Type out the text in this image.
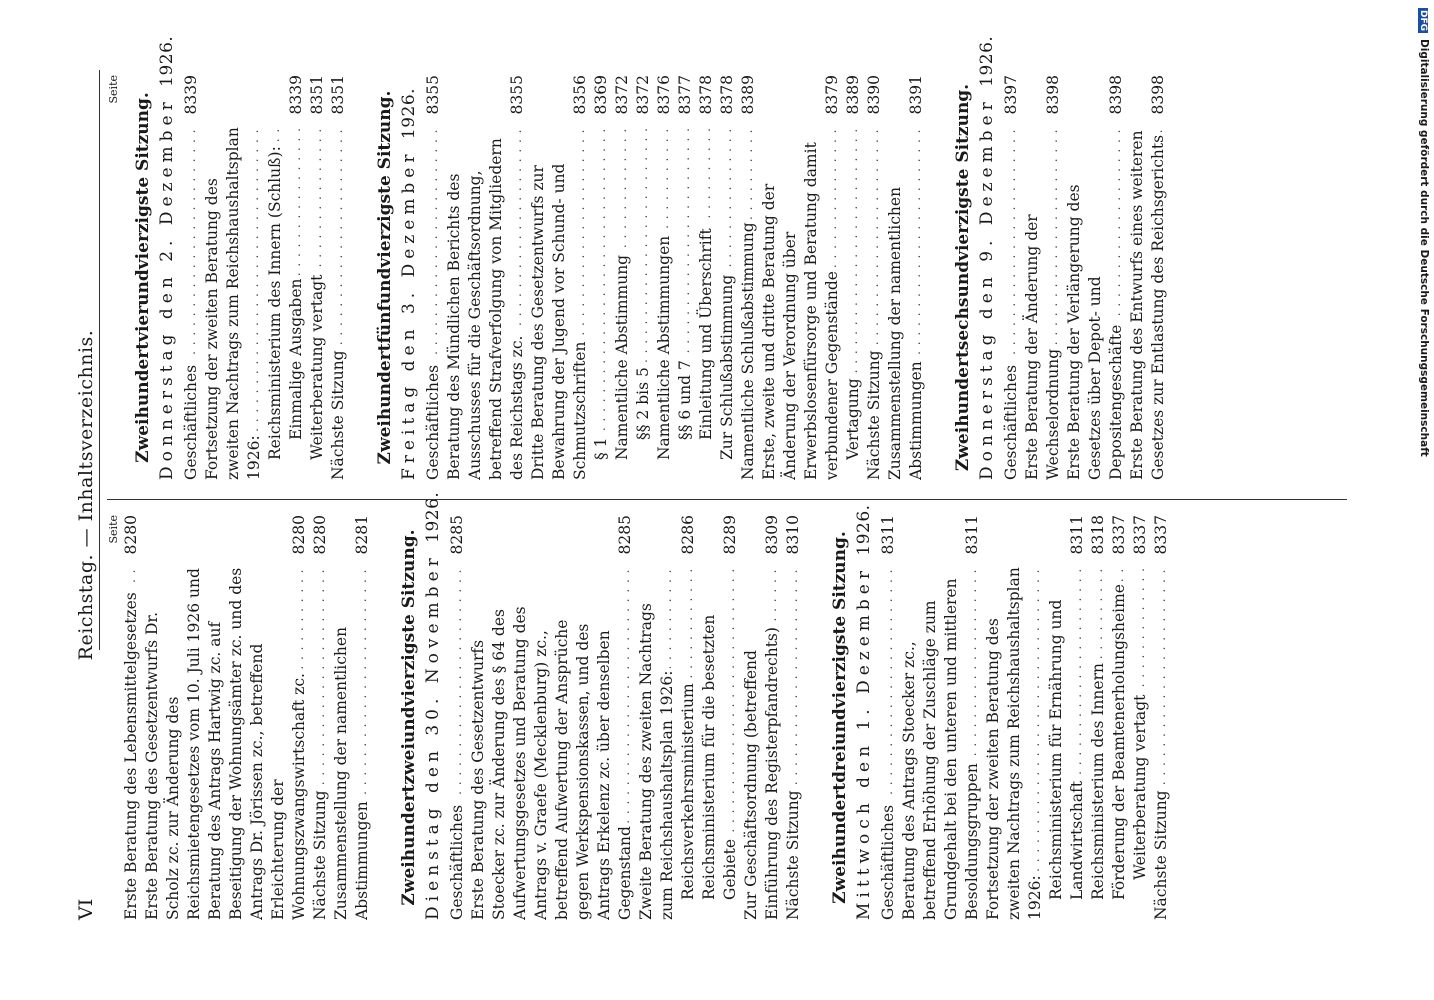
VI
Reichstag. — Inhaltsverzeichnis. Seite
Erste Beratung des Lebensmittelgesetzes . . .
8280
Erste Beratung des Gesetzentwurfs Dr. Scholz zc. zur Änderung des Reichsmietengesetzes vom 10. Juli 1926 und Beratung des Antrags Hartwig zc. auf Beseitigung der Wohnungsämter zc. und des Antrags Dr. Jörissen zc., betreffend Erleichterung der Wohnungszwangswirtschaft zc. . . .
8280
Nächste Sitzung . . .
8280
Zusammenstellung der namentlichen Abstimmungen . . .
8281 Zweihundertzweiundvierzigste Sitzung. Dienstag den 30. November 1926.
Geschäftliches . . .
8285
Erste Beratung des Gesetzentwurfs Stoecker zc. zur Änderung des § 64 des Aufwertungsgesetzes und Beratung des Antrags v. Graefe (Mecklenburg) zc., betreffend Aufwertung der Ansprüche gegen Werkspensionskassen, und des Antrags Erkelenz zc. über denselben Gegenstand . . .
8285
Zweite Beratung des zweiten Nachtrags zum Reichshaushaltsplan 1926: . . . Reichsverkehrsministerium . . .
8286
Reichsministerium für die besetzten Gebiete . . .
8289
Zur Geschäftsordnung (betreffend Einführung des Registerpfandrechts) . . .
8309
Nächste Sitzung . . .
8310 Zweihundertdreiundvierzigste Sitzung. Mittwoch den 1. Dezember 1926.
Geschäftliches . . .
8311
Beratung des Antrags Stoecker zc., betreffend Erhöhung der Zuschläge zum Grundgehalt bei den unteren und mittleren Besoldungsgruppen . . .
8311
Fortsetzung der zweiten Beratung des zweiten Nachtrags zum Reichshaushaltsplan 1926: . . . Reichsministerium für Ernährung und Landwirtschaft . . .
8311
Reichsministerium des Innern . . .
8318
Förderung der Beamtenerholungsheime . . .
8337
Weiterberatung vertagt . . .
8337
Nächste Sitzung . . .
8337
Seite
Zweihundertvierundvierzigste Sitzung. Donnerstag den 2. Dezember 1926.
Geschäftliches . . .
8339
Fortsetzung der zweiten Beratung des zweiten Nachtrags zum Reichshaushaltsplan 1926: . . . Reichsministerium des Innern (Schluß): . . . Einmalige Ausgaben . . .
8339
Weiterberatung vertagt . . .
8351
Nächste Sitzung . . .
8351 Zweihundertfünfundvierzigste Sitzung. Freitag den 3. Dezember 1926.
Geschäftliches . . .
8355
Beratung des Mündlichen Berichts des Ausschusses für die Geschäftsordnung, betreffend Strafverfolgung von Mitgliedern des Reichstags zc. . . .
8355
Dritte Beratung des Gesetzentwurfs zur Bewahrung der Jugend vor Schund- und Schmutzschriften . . .
8356
§ 1 . . .
8369
Namentliche Abstimmung . . .
8372
§§ 2 bis 5 . . .
8372
Namentliche Abstimmungen . . .
8376
§§ 6 und 7 . . .
8377
Einleitung und Überschrift . . .
8378
Zur Schlußabstimmung . . .
8378
Namentliche Schlußabstimmung . . .
8389
Erste, zweite und dritte Beratung der Änderung der Verordnung über Erwerbslosenfürsorge und Beratung damit verbundener Gegenstände . . .
8379
Vertagung . . .
8389
Nächste Sitzung . . .
8390
Zusammenstellung der namentlichen Abstimmungen . . .
8391 Zweihundertsechsundvierzigste Sitzung. Donnerstag den 9. Dezember 1926.
Geschäftliches . . .
8397
Erste Beratung der Änderung der Wechselordnung . . .
8398
Erste Beratung der Verlängerung des Gesetzes über Depot- und Depositengeschäfte . . .
8398
Erste Beratung des Entwurfs eines weiteren Gesetzes zur Entlastung des Reichsgerichts . . .
8398
DFGDigitalisierung gefördert durch die Deutsche Forschungsgemeinschaft
